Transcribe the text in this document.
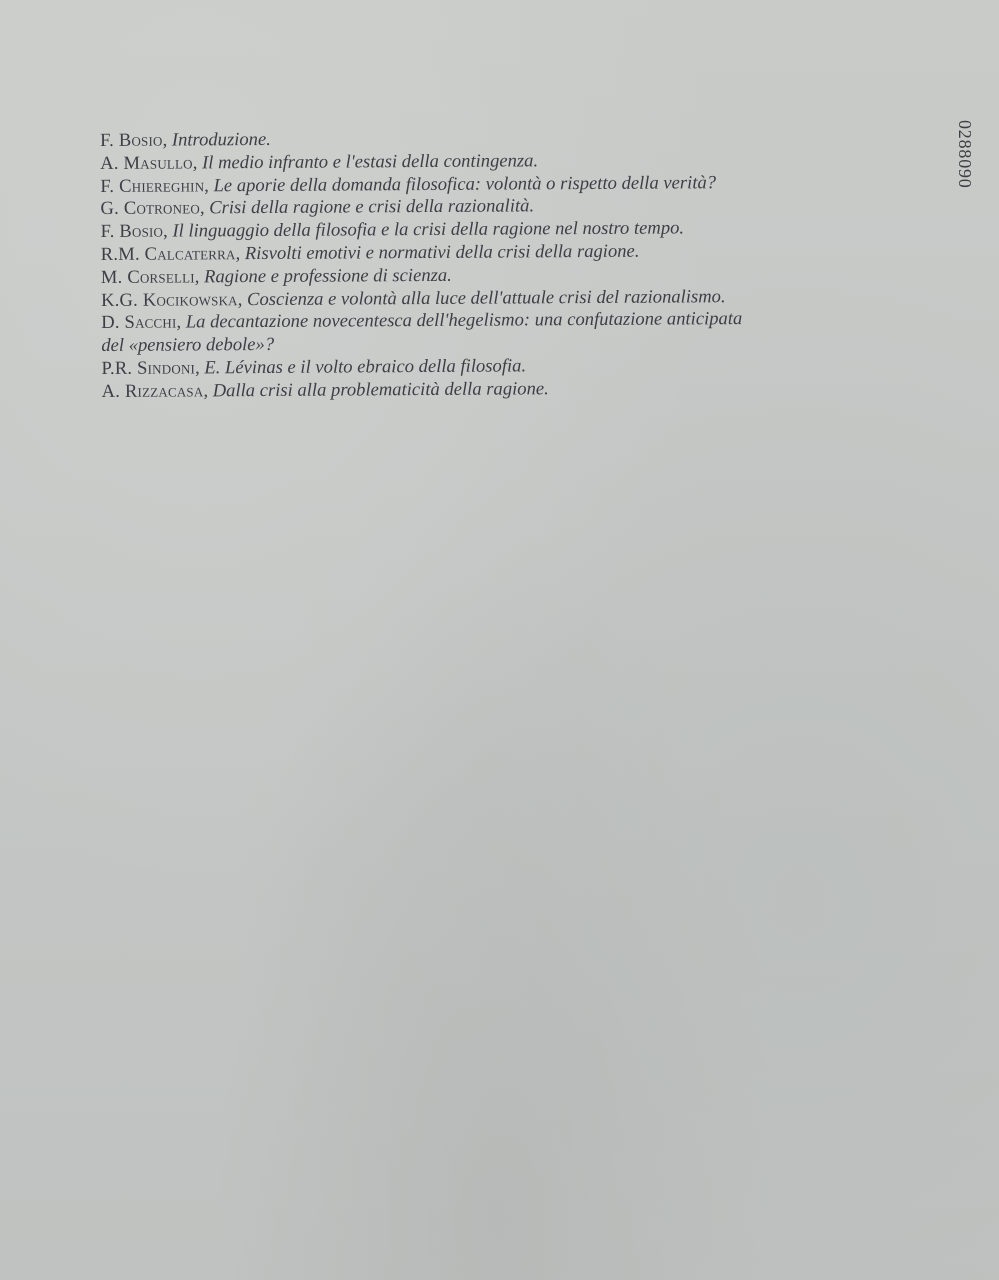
F. Bosio, Introduzione.
A. Masullo, Il medio infranto e l'estasi della contingenza.
F. Chiereghin, Le aporie della domanda filosofica: volontà o rispetto della verità?
G. Cotroneo, Crisi della ragione e crisi della razionalità.
F. Bosio, Il linguaggio della filosofia e la crisi della ragione nel nostro tempo.
R.M. Calcaterra, Risvolti emotivi e normativi della crisi della ragione.
M. Corselli, Ragione e professione di scienza.
K.G. Kocikowska, Coscienza e volontà alla luce dell'attuale crisi del razionalismo.
D. Sacchi, La decantazione novecentesca dell'hegelismo: una confutazione anticipata del «pensiero debole»?
P.R. Sindoni, E. Lévinas e il volto ebraico della filosofia.
A. Rizzacasa, Dalla crisi alla problematicità della ragione.
0288090
